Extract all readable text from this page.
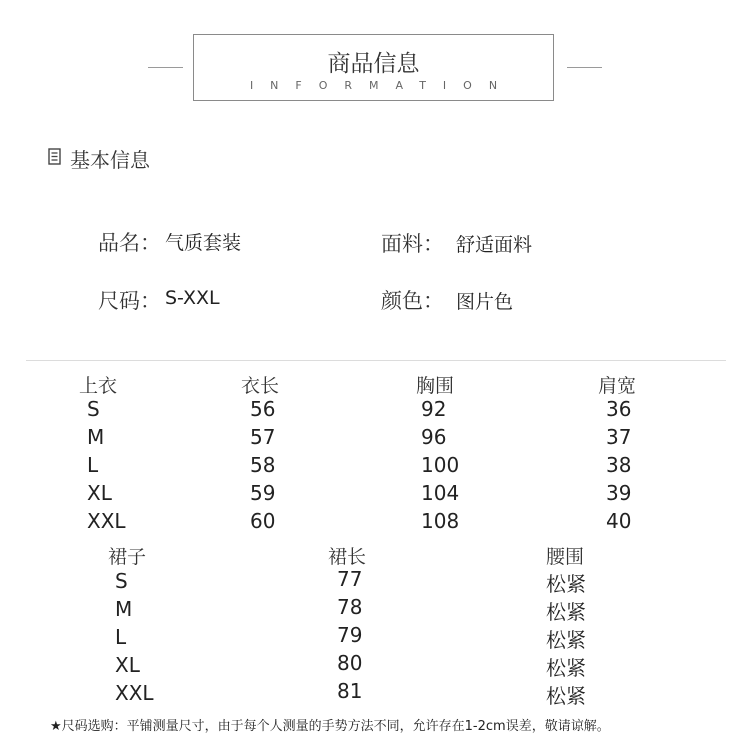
商品信息
INFORMATION
基本信息
品名： 气质套装	面料： 舒适面料
尺码： S-XXL	颜色： 图片色
上衣	衣长	胸围	肩宽
S	56	92	36
M	57	96	37
L	58	100	38
XL	59	104	39
XXL	60	108	40
裙子	裙长	腰围
S	77	松紧
M	78	松紧
L	79	松紧
XL	80	松紧
XXL	81	松紧
★尺码选购：平铺测量尺寸，由于每个人测量的手势方法不同，允许存在1-2cm误差，敬请谅解。
